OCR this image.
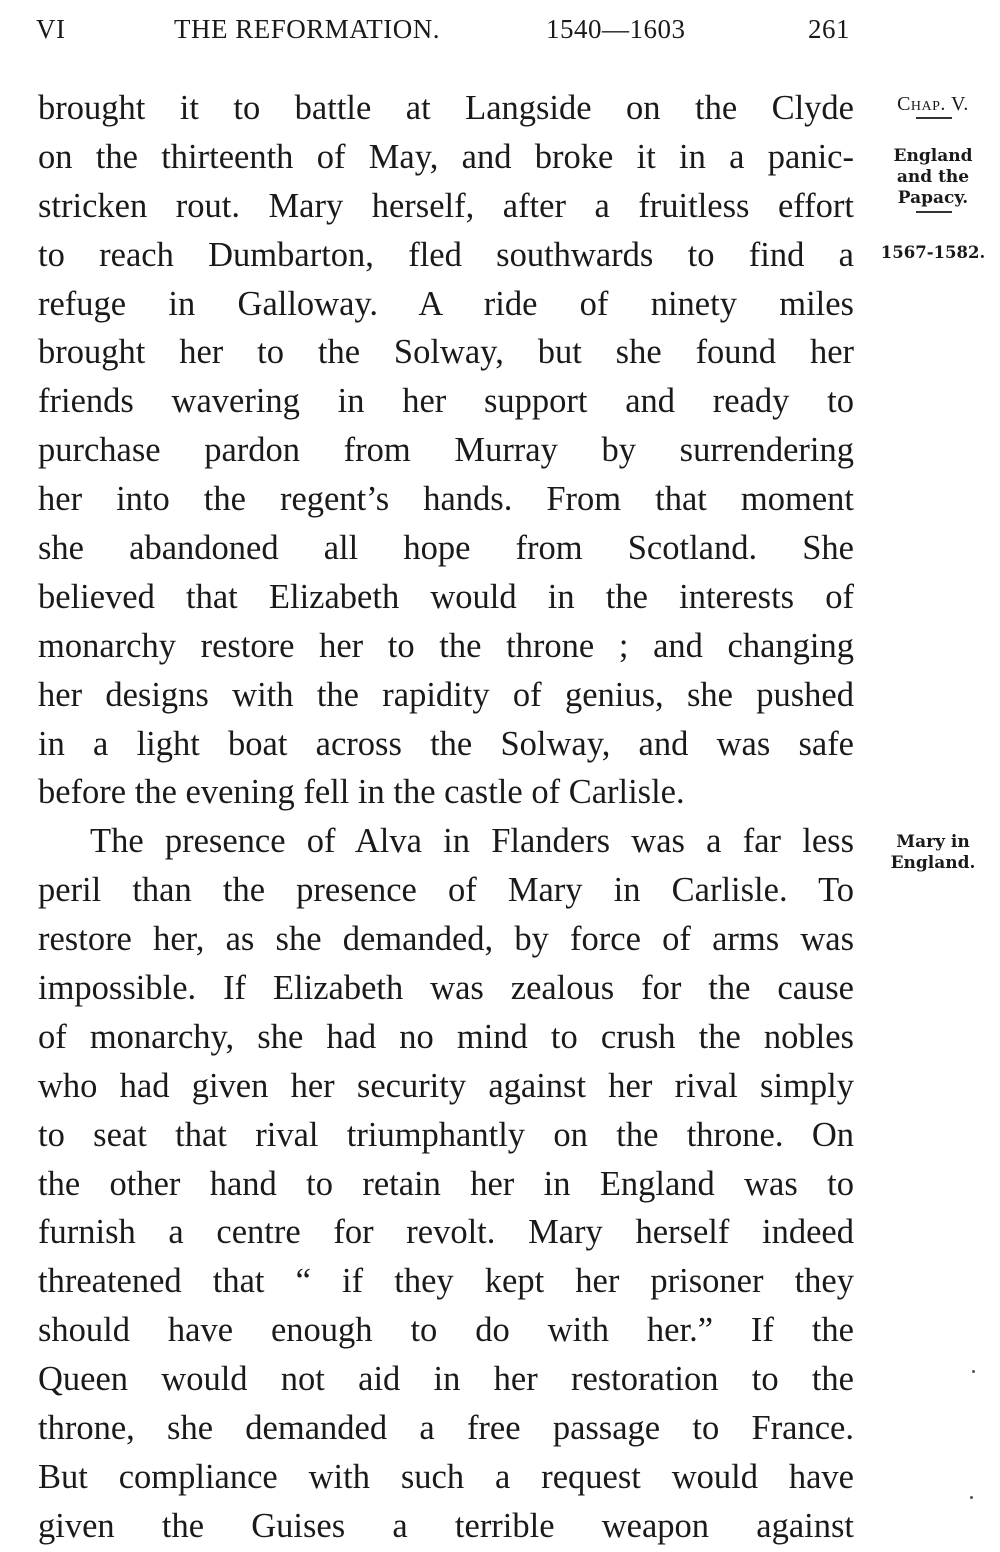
VI	THE REFORMATION.	1540—1603	261
brought it to battle at Langside on the Clyde
on the thirteenth of May, and broke it in a panic-
stricken rout. Mary herself, after a fruitless effort
to reach Dumbarton, fled southwards to find a
refuge in Galloway. A ride of ninety miles
brought her to the Solway, but she found her
friends wavering in her support and ready to
purchase pardon from Murray by surrendering
her into the regent’s hands. From that moment
she abandoned all hope from Scotland. She
believed that Elizabeth would in the interests of
monarchy restore her to the throne ; and changing
her designs with the rapidity of genius, she pushed
in a light boat across the Solway, and was safe
before the evening fell in the castle of Carlisle.
The presence of Alva in Flanders was a far less
peril than the presence of Mary in Carlisle. To
restore her, as she demanded, by force of arms was
impossible. If Elizabeth was zealous for the cause
of monarchy, she had no mind to crush the nobles
who had given her security against her rival simply
to seat that rival triumphantly on the throne. On
the other hand to retain her in England was to
furnish a centre for revolt. Mary herself indeed
threatened that “ if they kept her prisoner they
should have enough to do with her.” If the
Queen would not aid in her restoration to the
throne, she demanded a free passage to France.
But compliance with such a request would have
given the Guises a terrible weapon against
Chap. V.
England
and the
Papacy.
1567-1582.
Mary in
England.
